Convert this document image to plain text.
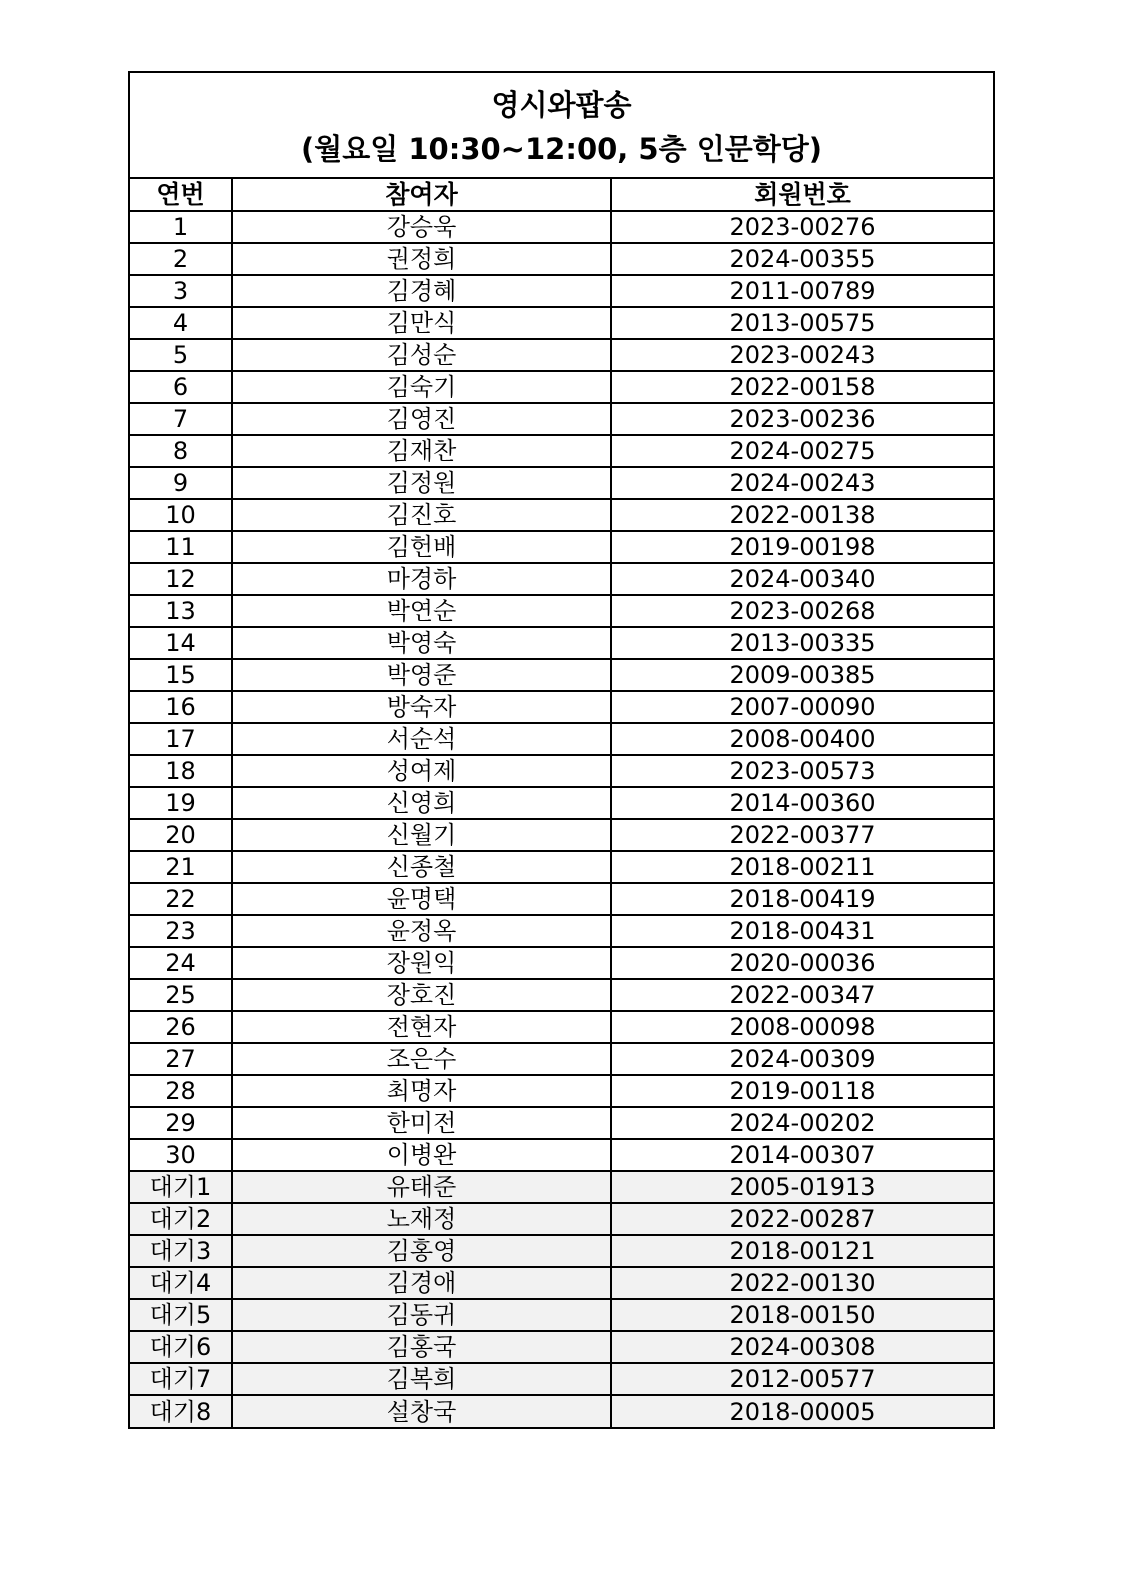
영시와팝송
(월요일 10:30~12:00, 5층 인문학당)
연번	참여자	회원번호
1	강승욱	2023-00276
2	권정희	2024-00355
3	김경혜	2011-00789
4	김만식	2013-00575
5	김성순	2023-00243
6	김숙기	2022-00158
7	김영진	2023-00236
8	김재찬	2024-00275
9	김정원	2024-00243
10	김진호	2022-00138
11	김헌배	2019-00198
12	마경하	2024-00340
13	박연순	2023-00268
14	박영숙	2013-00335
15	박영준	2009-00385
16	방숙자	2007-00090
17	서순석	2008-00400
18	성여제	2023-00573
19	신영희	2014-00360
20	신월기	2022-00377
21	신종철	2018-00211
22	윤명택	2018-00419
23	윤정옥	2018-00431
24	장원익	2020-00036
25	장호진	2022-00347
26	전현자	2008-00098
27	조은수	2024-00309
28	최명자	2019-00118
29	한미전	2024-00202
30	이병완	2014-00307
대기1	유태준	2005-01913
대기2	노재정	2022-00287
대기3	김홍영	2018-00121
대기4	김경애	2022-00130
대기5	김동귀	2018-00150
대기6	김홍국	2024-00308
대기7	김복희	2012-00577
대기8	설창국	2018-00005
